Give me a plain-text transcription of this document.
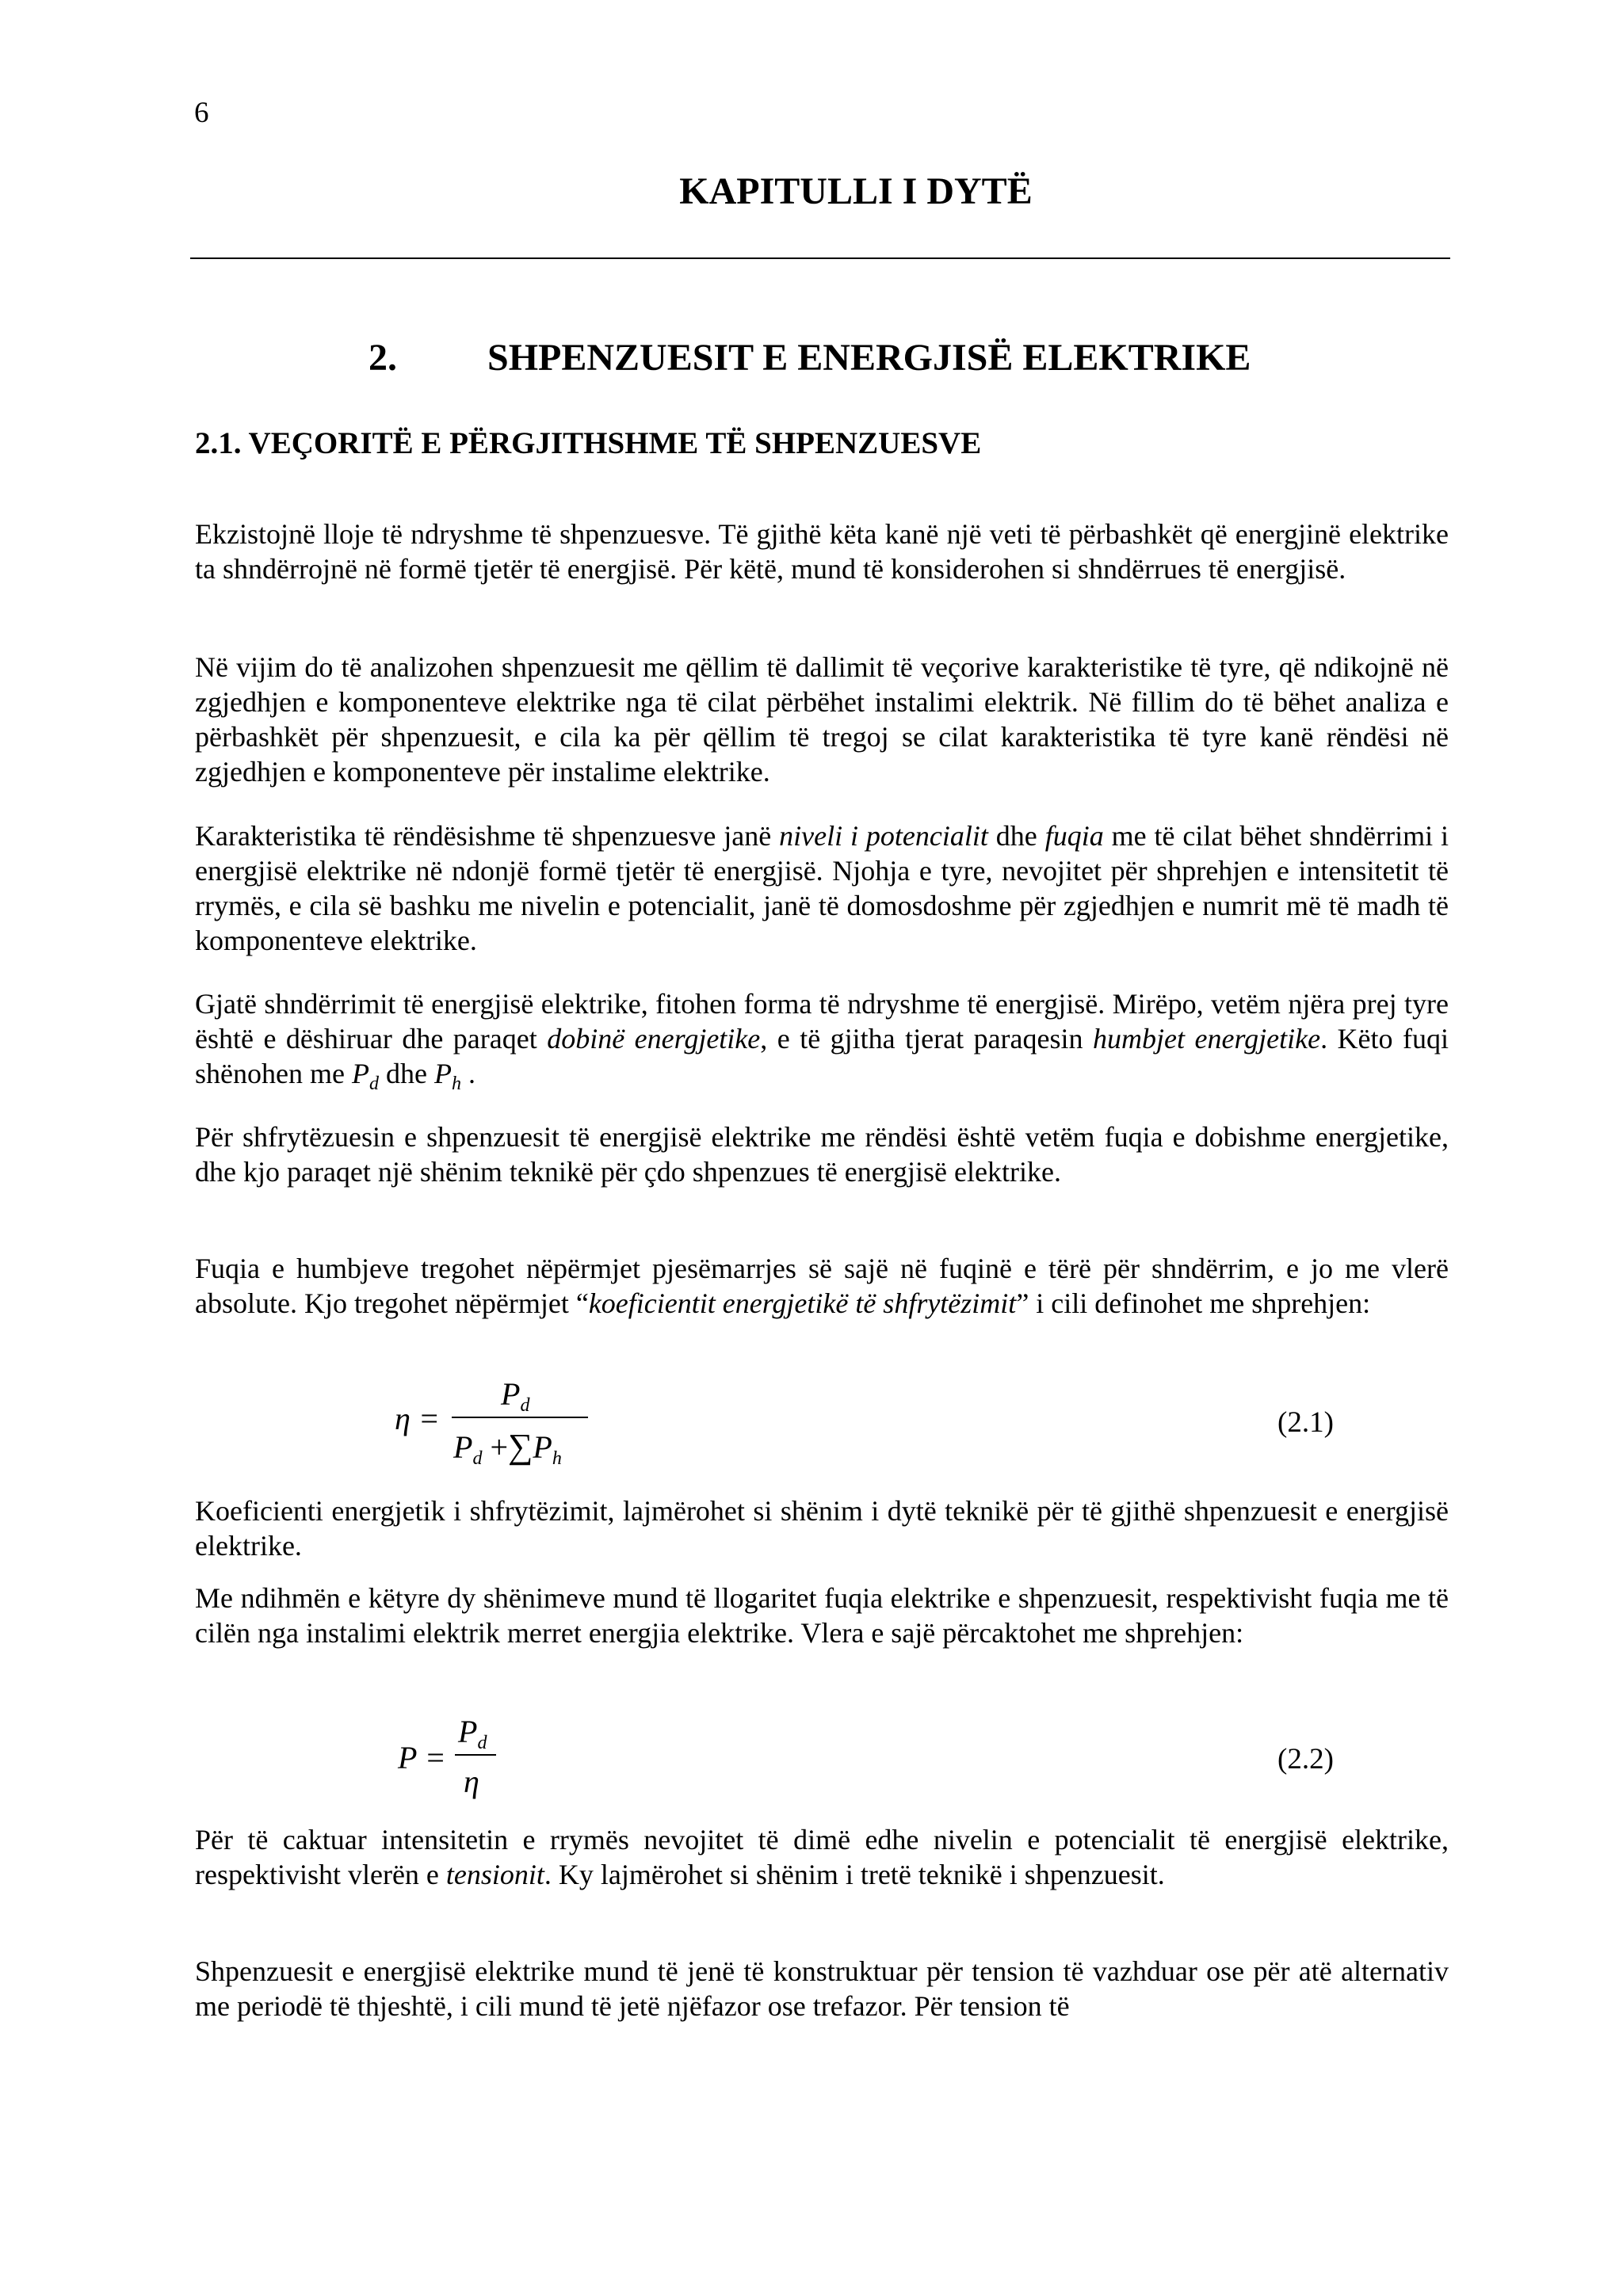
6
KAPITULLI I DYTË
2. SHPENZUESIT E ENERGJISË ELEKTRIKE
2.1. VEÇORITË E PËRGJITHSHME TË SHPENZUESVE

Ekzistojnë lloje të ndryshme të shpenzuesve. Të gjithë këta kanë një veti të përbashkët që energjinë elektrike ta shndërrojnë në formë tjetër të energjisë. Për këtë, mund të konsiderohen si shndërrues të energjisë.

Në vijim do të analizohen shpenzuesit me qëllim të dallimit të veçorive karakteristike të tyre, që ndikojnë në zgjedhjen e komponenteve elektrike nga të cilat përbëhet instalimi elektrik. Në fillim do të bëhet analiza e përbashkët për shpenzuesit, e cila ka për qëllim të tregoj se cilat karakteristika të tyre kanë rëndësi në zgjedhjen e komponenteve për instalime elektrike.

Karakteristika të rëndësishme të shpenzuesve janë niveli i potencialit dhe fuqia me të cilat bëhet shndërrimi i energjisë elektrike në ndonjë formë tjetër të energjisë. Njohja e tyre, nevojitet për shprehjen e intensitetit të rrymës, e cila së bashku me nivelin e potencialit, janë të domosdoshme për zgjedhjen e numrit më të madh të komponenteve elektrike.

Gjatë shndërrimit të energjisë elektrike, fitohen forma të ndryshme të energjisë. Mirëpo, vetëm njëra prej tyre është e dëshiruar dhe paraqet dobinë energjetike, e të gjitha tjerat paraqesin humbjet energjetike. Këto fuqi shënohen me $P_d$ dhe $P_h$ .

Për shfrytëzuesin e shpenzuesit të energjisë elektrike me rëndësi është vetëm fuqia e dobishme energjetike, dhe kjo paraqet një shënim teknikë për çdo shpenzues të energjisë elektrike.

Fuqia e humbjeve tregohet nëpërmjet pjesëmarrjes së sajë në fuqinë e tërë për shndërrim, e jo me vlerë absolute. Kjo tregohet nëpërmjet “koeficientit energjetikë të shfrytëzimit” i cili definohet me shprehjen:

η =
$P_d$
$P_d +\sum P_h$
(2.1)

Koeficienti energjetik i shfrytëzimit, lajmërohet si shënim i dytë teknikë për të gjithë shpenzuesit e energjisë elektrike.

Me ndihmën e këtyre dy shënimeve mund të llogaritet fuqia elektrike e shpenzuesit, respektivisht fuqia me të cilën nga instalimi elektrik merret energjia elektrike. Vlera e sajë përcaktohet me shprehjen:

P =
$P_d$
η
(2.2)

Për të caktuar intensitetin e rrymës nevojitet të dimë edhe nivelin e potencialit të energjisë elektrike, respektivisht vlerën e tensionit. Ky lajmërohet si shënim i tretë teknikë i shpenzuesit.

Shpenzuesit e energjisë elektrike mund të jenë të konstruktuar për tension të vazhduar ose për atë alternativ me periodë të thjeshtë, i cili mund të jetë njëfazor ose trefazor. Për tension të
